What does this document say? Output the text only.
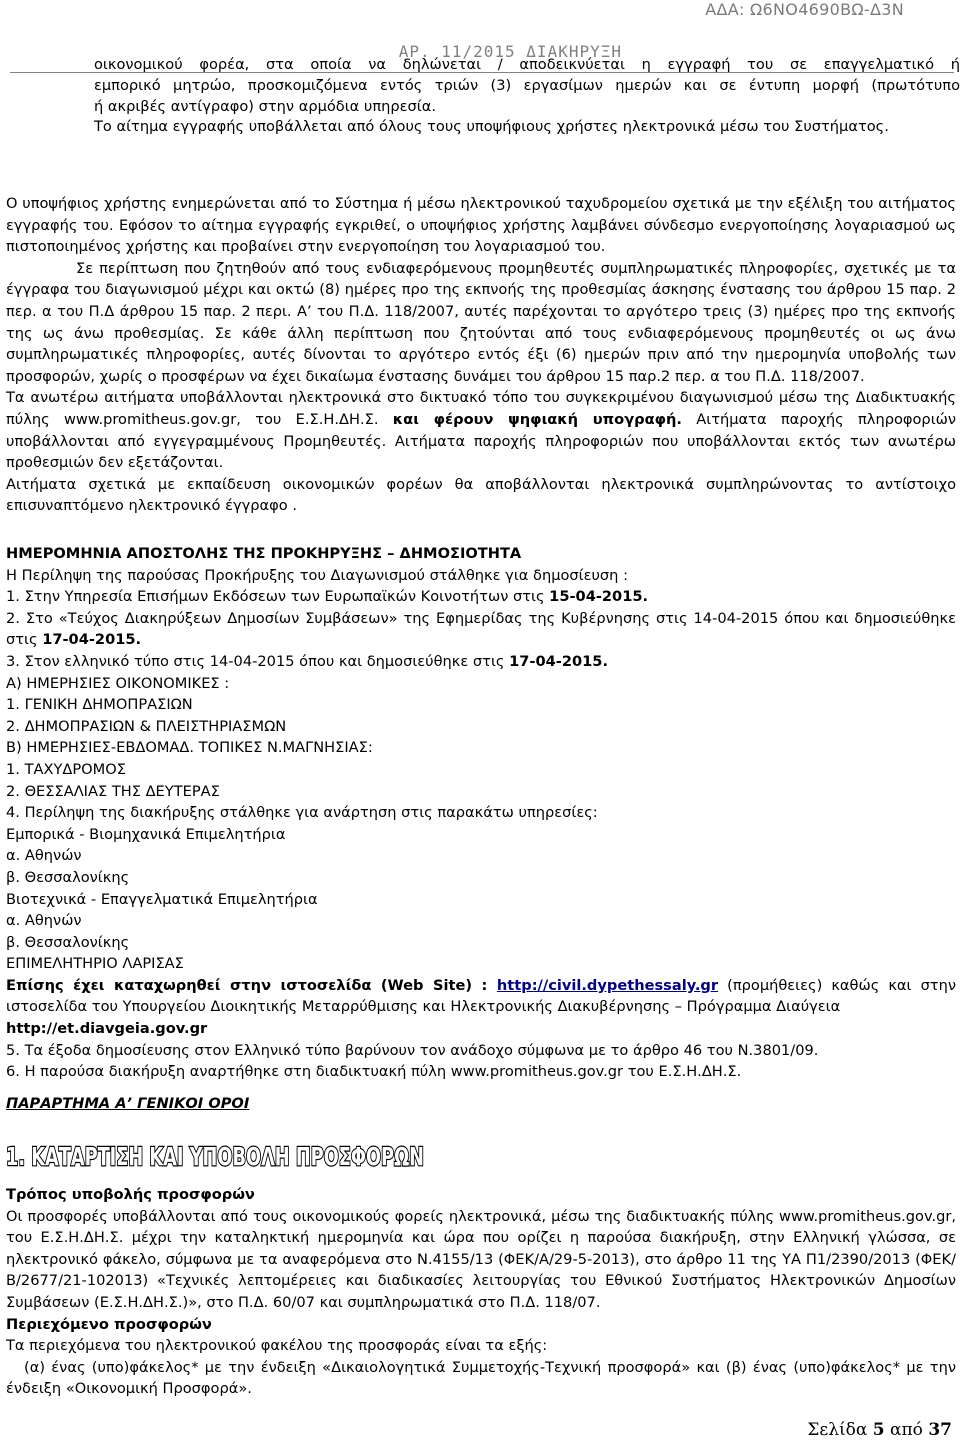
ΑΔΑ: Ω6ΝΟ4690ΒΩ-Δ3Ν
ΑΡ. 11/2015 ΔΙΑΚΗΡΥΞΗ

οικονομικού φορέα, στα οποία να δηλώνεται / αποδεικνύεται η εγγραφή του σε επαγγελματικό ή

εμπορικό μητρώο, προσκομιζόμενα εντός τριών (3) εργασίμων ημερών και σε έντυπη μορφή (πρωτότυπο

ή ακριβές αντίγραφο) στην αρμόδια υπηρεσία.

Το αίτημα εγγραφής υποβάλλεται από όλους τους υποψήφιους χρήστες ηλεκτρονικά μέσω του Συστήματος.

Ο υποψήφιος χρήστης ενημερώνεται από το Σύστημα ή μέσω ηλεκτρονικού ταχυδρομείου σχετικά με την εξέλιξη του αιτήματος εγγραφής του. Εφόσον το αίτημα εγγραφής εγκριθεί, ο υποψήφιος χρήστης λαμβάνει σύνδεσμο ενεργοποίησης λογαριασμού ως πιστοποιημένος χρήστης και προβαίνει στην ενεργοποίηση του λογαριασμού του.

Σε περίπτωση που ζητηθούν από τους ενδιαφερόμενους προμηθευτές συμπληρωματικές πληροφορίες, σχετικές με τα έγγραφα του διαγωνισμού μέχρι και οκτώ (8) ημέρες προ της εκπνοής της προθεσμίας άσκησης ένστασης του άρθρου 15 παρ. 2 περ. α του Π.Δ άρθρου 15 παρ. 2 περι. Α’ του Π.Δ. 118/2007, αυτές παρέχονται το αργότερο τρεις (3) ημέρες προ της εκπνοής της ως άνω προθεσμίας. Σε κάθε άλλη περίπτωση που ζητούνται από τους ενδιαφερόμενους προμηθευτές οι ως άνω συμπληρωματικές πληροφορίες, αυτές δίνονται το αργότερο εντός έξι (6) ημερών πριν από την ημερομηνία υποβολής των προσφορών, χωρίς ο προσφέρων να έχει δικαίωμα ένστασης δυνάμει του άρθρου 15 παρ.2 περ. α του Π.Δ. 118/2007.

Τα ανωτέρω αιτήματα υποβάλλονται ηλεκτρονικά στο δικτυακό τόπο του συγκεκριμένου διαγωνισμού μέσω της Διαδικτυακής πύλης www.promitheus.gov.gr, του Ε.Σ.Η.ΔΗ.Σ. και φέρουν ψηφιακή υπογραφή. Αιτήματα παροχής πληροφοριών υποβάλλονται από εγγεγραμμένους Προμηθευτές. Αιτήματα παροχής πληροφοριών που υποβάλλονται εκτός των ανωτέρω προθεσμιών δεν εξετάζονται.

Αιτήματα σχετικά με εκπαίδευση οικονομικών φορέων θα αποβάλλονται ηλεκτρονικά συμπληρώνοντας το αντίστοιχο επισυναπτόμενο ηλεκτρονικό έγγραφο .

ΗΜΕΡΟΜΗΝΙΑ ΑΠΟΣΤΟΛΗΣ ΤΗΣ ΠΡΟΚΗΡΥΞΗΣ – ΔΗΜΟΣΙΟΤΗΤΑ

Η Περίληψη της παρούσας Προκήρυξης του Διαγωνισμού στάλθηκε για δημοσίευση :

1. Στην Υπηρεσία Επισήμων Εκδόσεων των Ευρωπαϊκών Κοινοτήτων στις 15-04-2015.

2. Στο «Τεύχος Διακηρύξεων Δημοσίων Συμβάσεων» της Εφημερίδας της Κυβέρνησης στις 14-04-2015 όπου και δημοσιεύθηκε στις 17-04-2015.

3. Στον ελληνικό τύπο στις 14-04-2015 όπου και δημοσιεύθηκε στις 17-04-2015.

Α) ΗΜΕΡΗΣΙΕΣ ΟΙΚΟΝΟΜΙΚΕΣ :

1. ΓΕΝΙΚΗ ΔΗΜΟΠΡΑΣΙΩΝ

2. ΔΗΜΟΠΡΑΣΙΩΝ & ΠΛΕΙΣΤΗΡΙΑΣΜΩΝ

Β) ΗΜΕΡΗΣΙΕΣ-ΕΒΔΟΜΑΔ. ΤΟΠΙΚΕΣ Ν.ΜΑΓΝΗΣΙΑΣ:

1. ΤΑΧΥΔΡΟΜΟΣ

2. ΘΕΣΣΑΛΙΑΣ ΤΗΣ ΔΕΥΤΕΡΑΣ

4. Περίληψη της διακήρυξης στάλθηκε για ανάρτηση στις παρακάτω υπηρεσίες:

Εμπορικά - Βιομηχανικά Επιμελητήρια

α. Αθηνών

β. Θεσσαλονίκης

Βιοτεχνικά - Επαγγελματικά Επιμελητήρια

α. Αθηνών

β. Θεσσαλονίκης

ΕΠΙΜΕΛΗΤΗΡΙΟ ΛΑΡΙΣΑΣ

Επίσης έχει καταχωρηθεί στην ιστοσελίδα (Web Site) : http://civil.dypethessaly.gr (προμήθειες) καθώς και στην ιστοσελίδα του Υπουργείου Διοικητικής Μεταρρύθμισης και Ηλεκτρονικής Διακυβέρνησης – Πρόγραμμα Διαύγεια
http://et.diavgeia.gov.gr

5. Τα έξοδα δημοσίευσης στον Ελληνικό τύπο βαρύνουν τον ανάδοχο σύμφωνα με το άρθρο 46 του Ν.3801/09.

6. Η παρούσα διακήρυξη αναρτήθηκε στη διαδικτυακή πύλη www.promitheus.gov.gr του Ε.Σ.Η.ΔΗ.Σ.

ΠΑΡΑΡΤΗΜΑ Α’ ΓΕΝΙΚΟΙ ΟΡΟΙ

1. ΚΑΤΑΡΤΙΣΗ ΚΑΙ ΥΠΟΒΟΛΗ ΠΡΟΣΦΟΡΩΝ

Τρόπος υποβολής προσφορών

Οι προσφορές υποβάλλονται από τους οικονομικούς φορείς ηλεκτρονικά, μέσω της διαδικτυακής πύλης www.promitheus.gov.gr, του Ε.Σ.Η.ΔΗ.Σ. μέχρι την καταληκτική ημερομηνία και ώρα που ορίζει η παρούσα διακήρυξη, στην Ελληνική γλώσσα, σε ηλεκτρονικό φάκελο, σύμφωνα με τα αναφερόμενα στο Ν.4155/13 (ΦΕΚ/Α/29-5-2013), στο άρθρο 11 της ΥΑ Π1/2390/2013 (ΦΕΚ/Β/2677/21-102013) «Τεχνικές λεπτομέρειες και διαδικασίες λειτουργίας του Εθνικού Συστήματος Ηλεκτρονικών Δημοσίων Συμβάσεων (Ε.Σ.Η.ΔΗ.Σ.)», στο Π.Δ. 60/07 και συμπληρωματικά στο Π.Δ. 118/07.

Περιεχόμενο προσφορών

Τα περιεχόμενα του ηλεκτρονικού φακέλου της προσφοράς είναι τα εξής:

(α) ένας (υπο)φάκελος* με την ένδειξη «Δικαιολογητικά Συμμετοχής-Τεχνική προσφορά» και (β) ένας (υπο)φάκελος* με την ένδειξη «Οικονομική Προσφορά».

Σελίδα 5 από 37
